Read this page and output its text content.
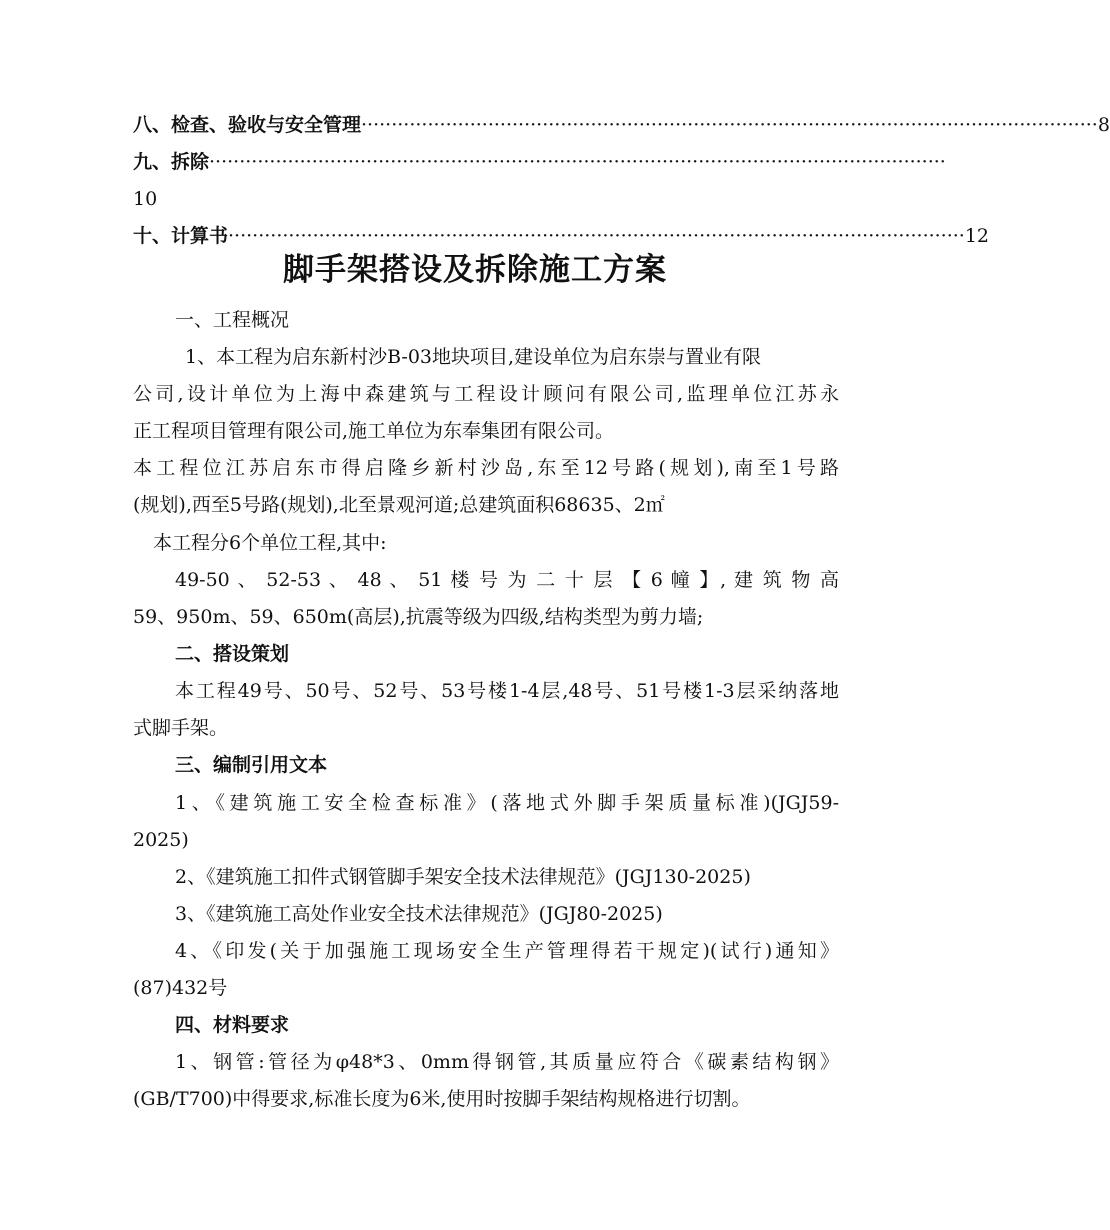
八、检查、验收与安全管理 ·························································································································· 8
九、拆除 ··························································································································
10
十、计算书 ·························································································································· 12
脚手架搭设及拆除施工方案
一、工程概况
1、本工程为启东新村沙B-03地块项目,建设单位为启东崇与置业有限
公司,设计单位为上海中森建筑与工程设计顾问有限公司,监理单位江苏永
正工程项目管理有限公司,施工单位为东奉集团有限公司。
本工程位江苏启东市得启隆乡新村沙岛,东至12号路(规划),南至1号路
(规划),西至5号路(规划),北至景观河道;总建筑面积68635、2㎡
本工程分6个单位工程,其中:
49-50 、 52-53 、 48 、 51 楼 号 为 二 十 层 【 6 幢 】, 建 筑 物 高
59、950m、59、650m(高层),抗震等级为四级,结构类型为剪力墙;
二、搭设策划
本工程49号、50号、52号、53号楼1-4层,48号、51号楼1-3层采纳落地
式脚手架。
三、编制引用文本
1、《建筑施工安全检查标准》(落地式外脚手架质量标准)(JGJ59-
2025)
2、《建筑施工扣件式钢管脚手架安全技术法律规范》(JGJ130-2025)
3、《建筑施工高处作业安全技术法律规范》(JGJ80-2025)
4、《印发(关于加强施工现场安全生产管理得若干规定)(试行)通知》
(87)432号
四、材料要求
1、钢管:管径为φ48*3、0mm得钢管,其质量应符合《碳素结构钢》
(GB/T700)中得要求,标准长度为6米,使用时按脚手架结构规格进行切割。
